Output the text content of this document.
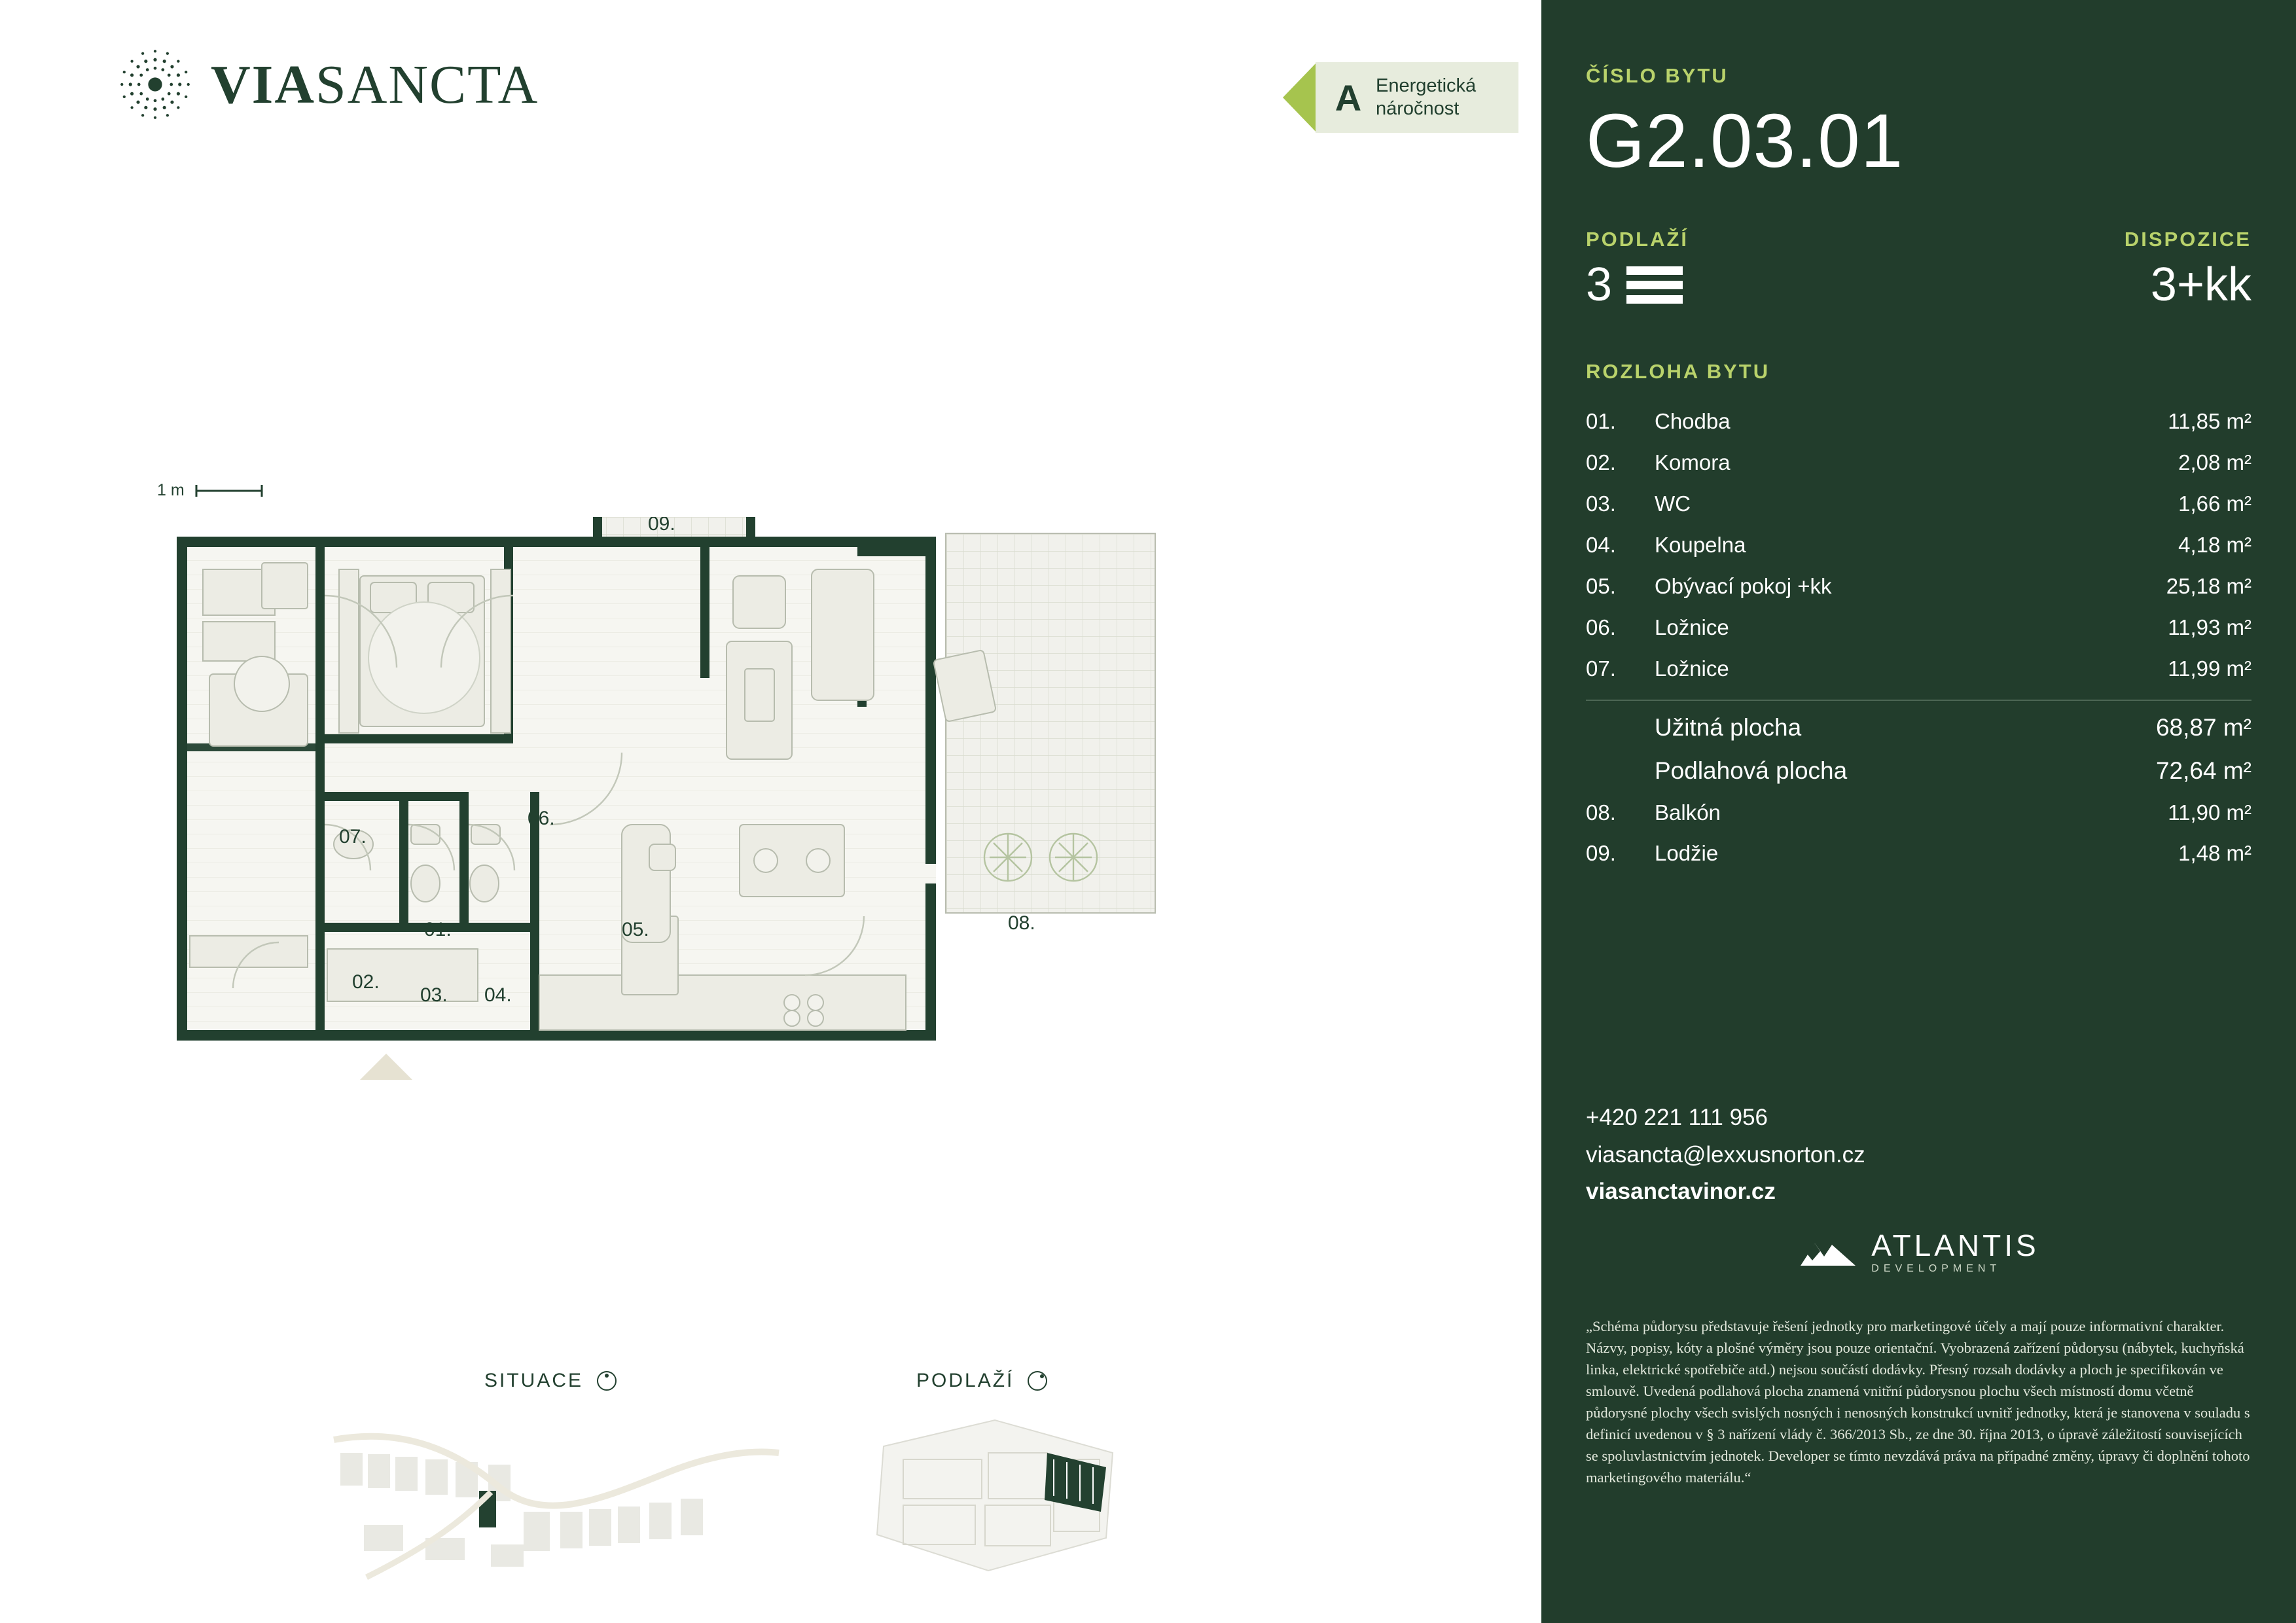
VIASANCTA	A Energetická
náročnost
1 m
01.
02.
03. 04.
05.
06.
07.
08.
09.
SITUACE	PODLAŽÍ
ČÍSLO BYTU
G2.03.01
PODLAŽÍ
3
DISPOZICE
3+kk
ROZLOHA BYTU
01.	Chodba	11,85 m²
02.	Komora	2,08 m²
03.	WC	1,66 m²
04.	Koupelna	4,18 m²
05.	Obývací pokoj +kk	25,18 m²
06.	Ložnice	11,93 m²
07.	Ložnice	11,99 m²
	Užitná plocha	68,87 m²
	Podlahová plocha	72,64 m²
08.	Balkón	11,90 m²
09.	Lodžie	1,48 m²
+420 221 111 956
viasancta@lexxusnorton.cz
viasanctavinor.cz
ATLANTIS
DEVELOPMENT
„Schéma půdorysu představuje řešení jednotky pro marketingové účely a mají pouze informativní charakter. Názvy, popisy, kóty a plošné výměry jsou pouze orientační. Vyobrazená zařízení půdorysu (nábytek, kuchyňská linka, elektrické spotřebiče atd.) nejsou součástí dodávky. Přesný rozsah dodávky a ploch je specifikován ve smlouvě. Uvedená podlahová plocha znamená vnitřní půdorysnou plochu všech místností domu včetně půdorysné plochy všech svislých nosných i nenosných konstrukcí uvnitř jednotky, která je stanovena v souladu s definicí uvedenou v § 3 nařízení vlády č. 366/2013 Sb., ze dne 30. října 2013, o úpravě záležitostí souvisejících se spoluvlastnictvím jednotek. Developer se tímto nevzdává práva na případné změny, úpravy či doplnění tohoto marketingového materiálu.“
